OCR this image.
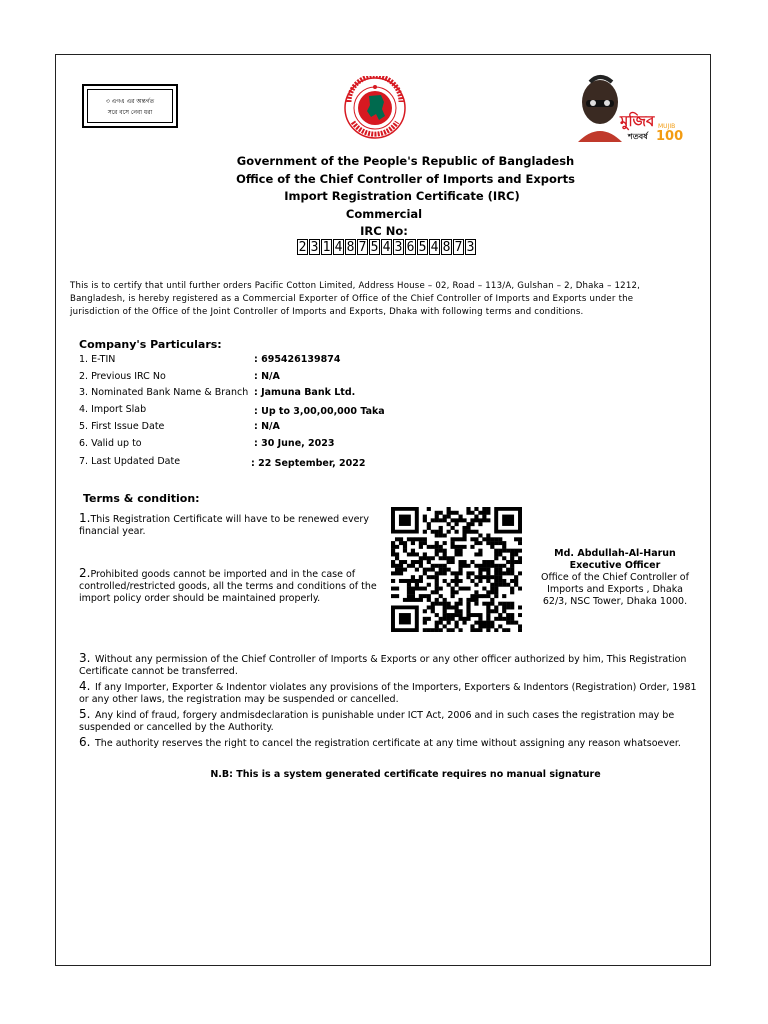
৩ এগএ এর অন্তর্গত
সরে বসে নেবা ধরা	মুজিব
শতবর্ষ
MUJIB
100
Government of the People's Republic of Bangladesh
Office of the Chief Controller of Imports and Exports
Import Registration Certificate (IRC)
Commercial
IRC No:
2 3 1 4 8 7 5 4 3 6 5 4 8 7 3
This is to certify that until further orders Pacific Cotton Limited, Address House – 02, Road – 113/A, Gulshan – 2, Dhaka – 1212, Bangladesh, is hereby registered as a Commercial Exporter of Office of the Chief Controller of Imports and Exports under the jurisdiction of the Office of the Joint Controller of Imports and Exports, Dhaka with following terms and conditions.
Company's Particulars:
1. E-TIN	: 695426139874
2. Previous IRC No	: N/A
3. Nominated Bank Name & Branch : Jamuna Bank Ltd.
4. Import Slab	: Up to 3,00,00,000 Taka
5. First Issue Date	: N/A
6. Valid up to	: 30 June, 2023
7. Last Updated Date	: 22 September, 2022
Terms & condition:
1.This Registration Certificate will have to be renewed every financial year.
2.Prohibited goods cannot be imported and in the case of controlled/restricted goods, all the terms and conditions of the import policy order should be maintained properly.
3. Without any permission of the Chief Controller of Imports & Exports or any other officer authorized by him, This Registration Certificate cannot be transferred.
4. If any Importer, Exporter & Indentor violates any provisions of the Importers, Exporters & Indentors (Registration) Order, 1981 or any other laws, the registration may be suspended or cancelled.
5. Any kind of fraud, forgery andmisdeclaration is punishable under ICT Act, 2006 and in such cases the registration may be suspended or cancelled by the Authority.
6. The authority reserves the right to cancel the registration certificate at any time without assigning any reason whatsoever.
Md. Abdullah-Al-Harun
Executive Officer
Office of the Chief Controller of Imports and Exports , Dhaka
62/3, NSC Tower, Dhaka 1000.
N.B: This is a system generated certificate requires no manual signature
